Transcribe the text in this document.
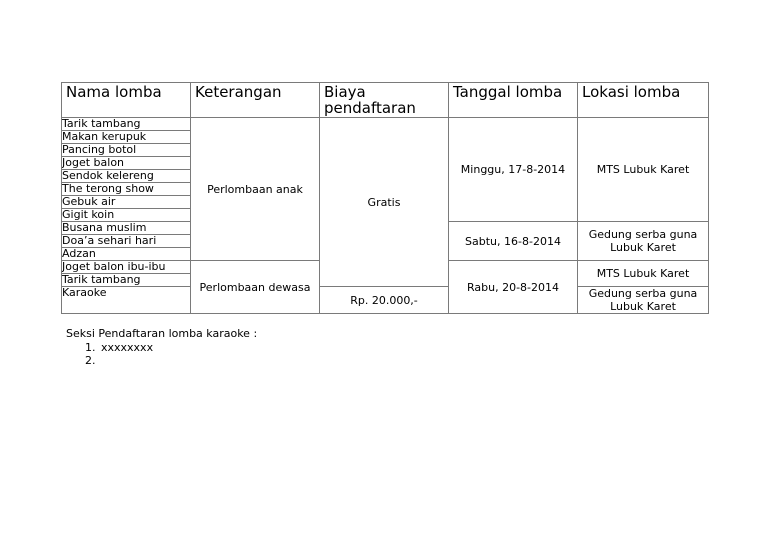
Nama lomba	Keterangan	Biaya pendaftaran	Tanggal lomba	Lokasi lomba
Tarik tambang	Perlombaan anak	Gratis	Minggu, 17-8-2014	MTS Lubuk Karet
Makan kerupuk				
Pancing botol				
Joget balon				
Sendok kelereng				
The terong show				
Gebuk air				
Gigit koin				
Busana muslim			Sabtu, 16-8-2014	Gedung serba guna Lubuk Karet
Doa’a sehari hari				
Adzan				
Joget balon ibu-ibu	Perlombaan dewasa		Rabu, 20-8-2014	MTS Lubuk Karet
Tarik tambang				
Karaoke		Rp. 20.000,-		Gedung serba guna Lubuk Karet
Seksi Pendaftaran lomba karaoke :
1. xxxxxxxx
2.
